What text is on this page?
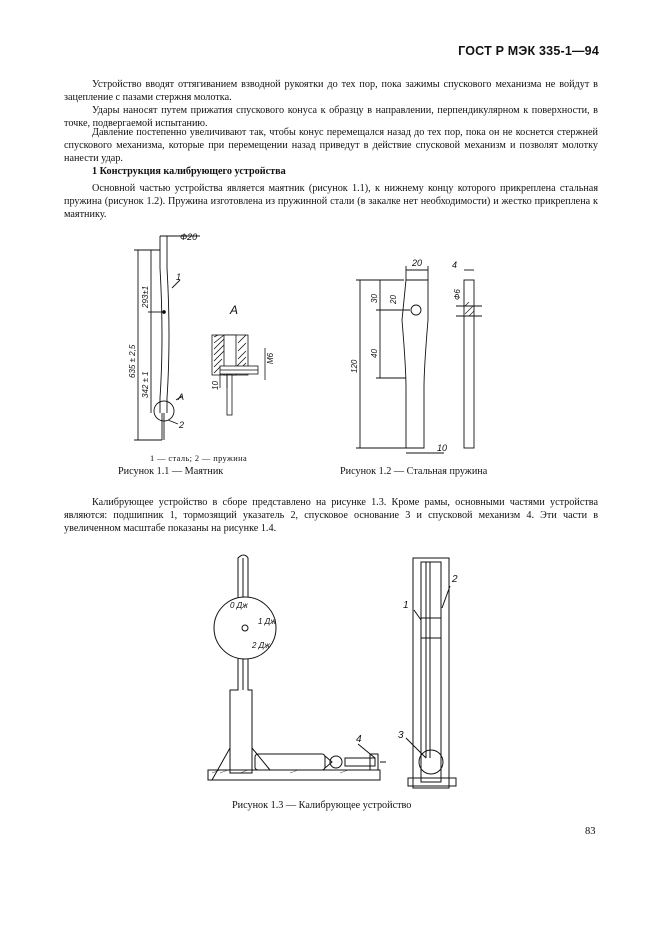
ГОСТ Р МЭК 335-1—94
Устройство вводят оттягиванием взводной рукоятки до тех пор, пока зажимы спускового механизма не войдут в зацепление с пазами стержня молотка.
Удары наносят путем прижатия спускового конуса к образцу в направлении, перпендикулярном к поверхности, в точке, подвергаемой испытанию.
Давление постепенно увеличивают так, чтобы конус перемещался назад до тех пор, пока он не коснется стержней спускового механизма, которые при перемещении назад приведут в действие спусковой механизм и позволят молотку нанести удар.
1 Конструкция калибрующего устройства
Основной частью устройства является маятник (рисунок 1.1), к нижнему концу которого прикреплена стальная пружина (рисунок 1.2). Пружина изготовлена из пружинной стали (в закалке нет необходимости) и жестко прикреплена к маятнику.
Ф20
293±1
635 ± 2,5
342 ± 1
1
2
A
A
M6
10
1 — сталь; 2 — пружина
Рисунок 1.1 — Маятник
20	4
Ф6
30
40
120
20
10
Рисунок 1.2 — Стальная пружина
Калибрующее устройство в сборе представлено на рисунке 1.3. Кроме рамы, основными частями устройства являются: подшипник 1, тормозящий указатель 2, спусковое основание 3 и спусковой механизм 4. Эти части в увеличенном масштабе показаны на рисунке 1.4.
0 Дж
1 Дж
2 Дж
1
2
3
4
Рисунок 1.3 — Калибрующее устройство
83
